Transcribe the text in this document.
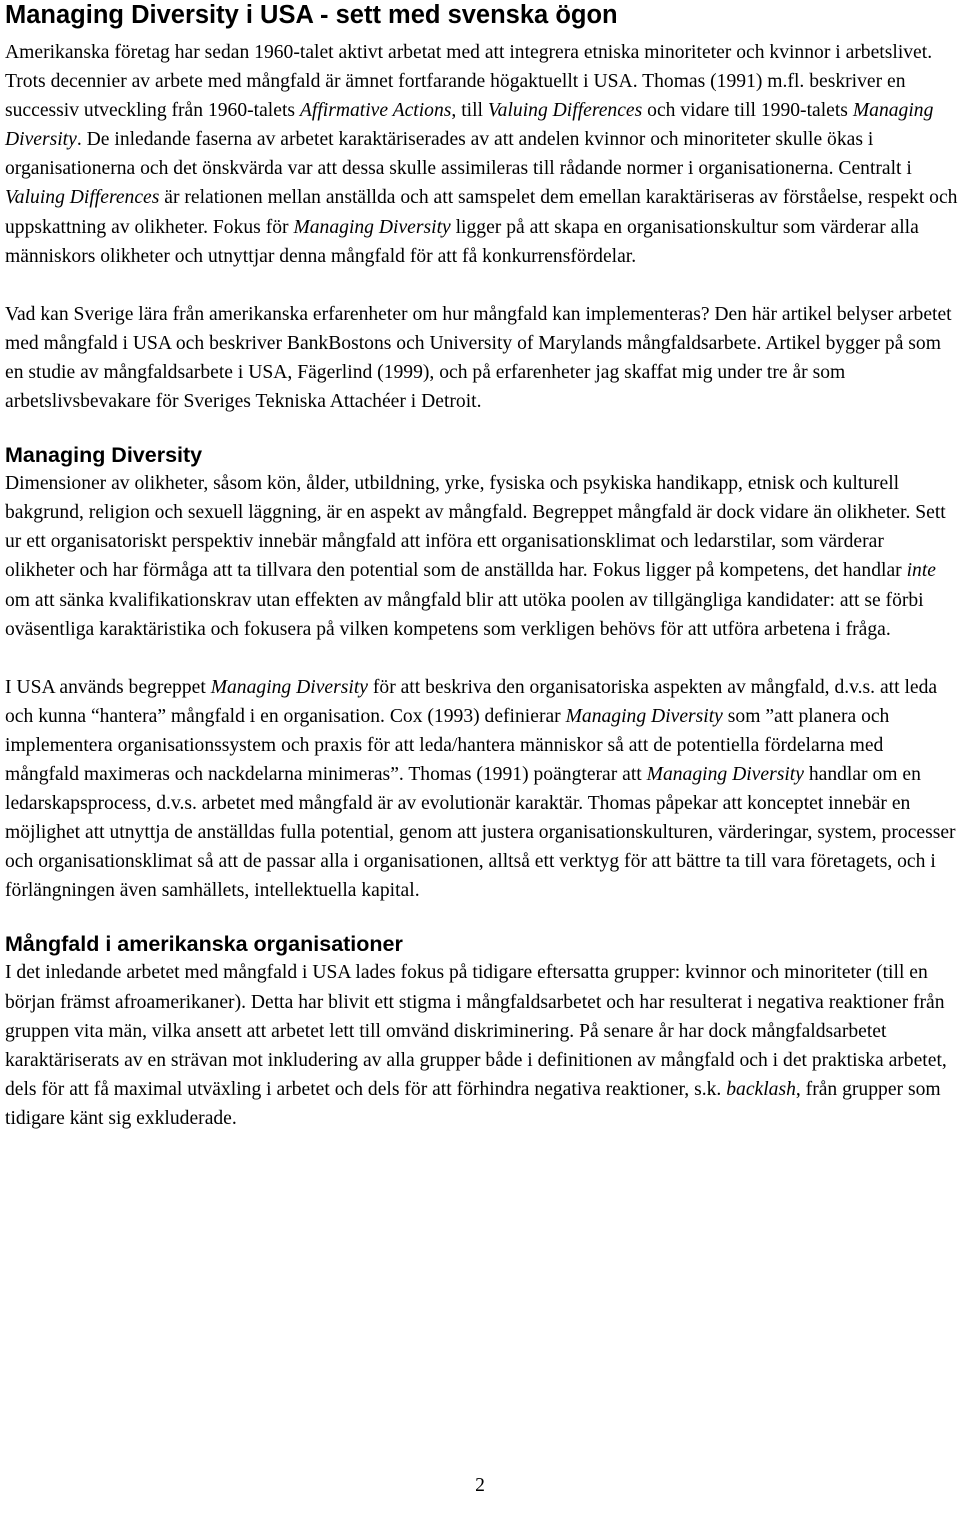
Managing Diversity i USA - sett med svenska ögon

Amerikanska företag har sedan 1960-talet aktivt arbetat med att integrera etniska minoriteter och kvinnor i arbetslivet. Trots decennier av arbete med mångfald är ämnet fortfarande högaktuellt i USA. Thomas (1991) m.fl. beskriver en successiv utveckling från 1960-talets Affirmative Actions, till Valuing Differences och vidare till 1990-talets Managing Diversity. De inledande faserna av arbetet karaktäriserades av att andelen kvinnor och minoriteter skulle ökas i organisationerna och det önskvärda var att dessa skulle assimileras till rådande normer i organisationerna. Centralt i Valuing Differences är relationen mellan anställda och att samspelet dem emellan karaktäriseras av förståelse, respekt och uppskattning av olikheter. Fokus för Managing Diversity ligger på att skapa en organisationskultur som värderar alla människors olikheter och utnyttjar denna mångfald för att få konkurrensfördelar.

Vad kan Sverige lära från amerikanska erfarenheter om hur mångfald kan implementeras? Den här artikel belyser arbetet med mångfald i USA och beskriver BankBostons och University of Marylands mångfaldsarbete. Artikel bygger på som en studie av mångfaldsarbete i USA, Fägerlind (1999), och på erfarenheter jag skaffat mig under tre år som arbetslivsbevakare för Sveriges Tekniska Attachéer i Detroit.

Managing Diversity

Dimensioner av olikheter, såsom kön, ålder, utbildning, yrke, fysiska och psykiska handikapp, etnisk och kulturell bakgrund, religion och sexuell läggning, är en aspekt av mångfald. Begreppet mångfald är dock vidare än olikheter. Sett ur ett organisatoriskt perspektiv innebär mångfald att införa ett organisationsklimat och ledarstilar, som värderar olikheter och har förmåga att ta tillvara den potential som de anställda har. Fokus ligger på kompetens, det handlar inte om att sänka kvalifikationskrav utan effekten av mångfald blir att utöka poolen av tillgängliga kandidater: att se förbi oväsentliga karaktäristika och fokusera på vilken kompetens som verkligen behövs för att utföra arbetena i fråga.

I USA används begreppet Managing Diversity för att beskriva den organisatoriska aspekten av mångfald, d.v.s. att leda och kunna “hantera” mångfald i en organisation. Cox (1993) definierar Managing Diversity som ”att planera och implementera organisationssystem och praxis för att leda/hantera människor så att de potentiella fördelarna med mångfald maximeras och nackdelarna minimeras”. Thomas (1991) poängterar att Managing Diversity handlar om en ledarskapsprocess, d.v.s. arbetet med mångfald är av evolutionär karaktär. Thomas påpekar att konceptet innebär en möjlighet att utnyttja de anställdas fulla potential, genom att justera organisationskulturen, värderingar, system, processer och organisationsklimat så att de passar alla i organisationen, alltså ett verktyg för att bättre ta till vara företagets, och i förlängningen även samhällets, intellektuella kapital.

Mångfald i amerikanska organisationer

I det inledande arbetet med mångfald i USA lades fokus på tidigare eftersatta grupper: kvinnor och minoriteter (till en början främst afroamerikaner). Detta har blivit ett stigma i mångfaldsarbetet och har resulterat i negativa reaktioner från gruppen vita män, vilka ansett att arbetet lett till omvänd diskriminering. På senare år har dock mångfaldsarbetet karaktäriserats av en strävan mot inkludering av alla grupper både i definitionen av mångfald och i det praktiska arbetet, dels för att få maximal utväxling i arbetet och dels för att förhindra negativa reaktioner, s.k. backlash, från grupper som tidigare känt sig exkluderade.

2
